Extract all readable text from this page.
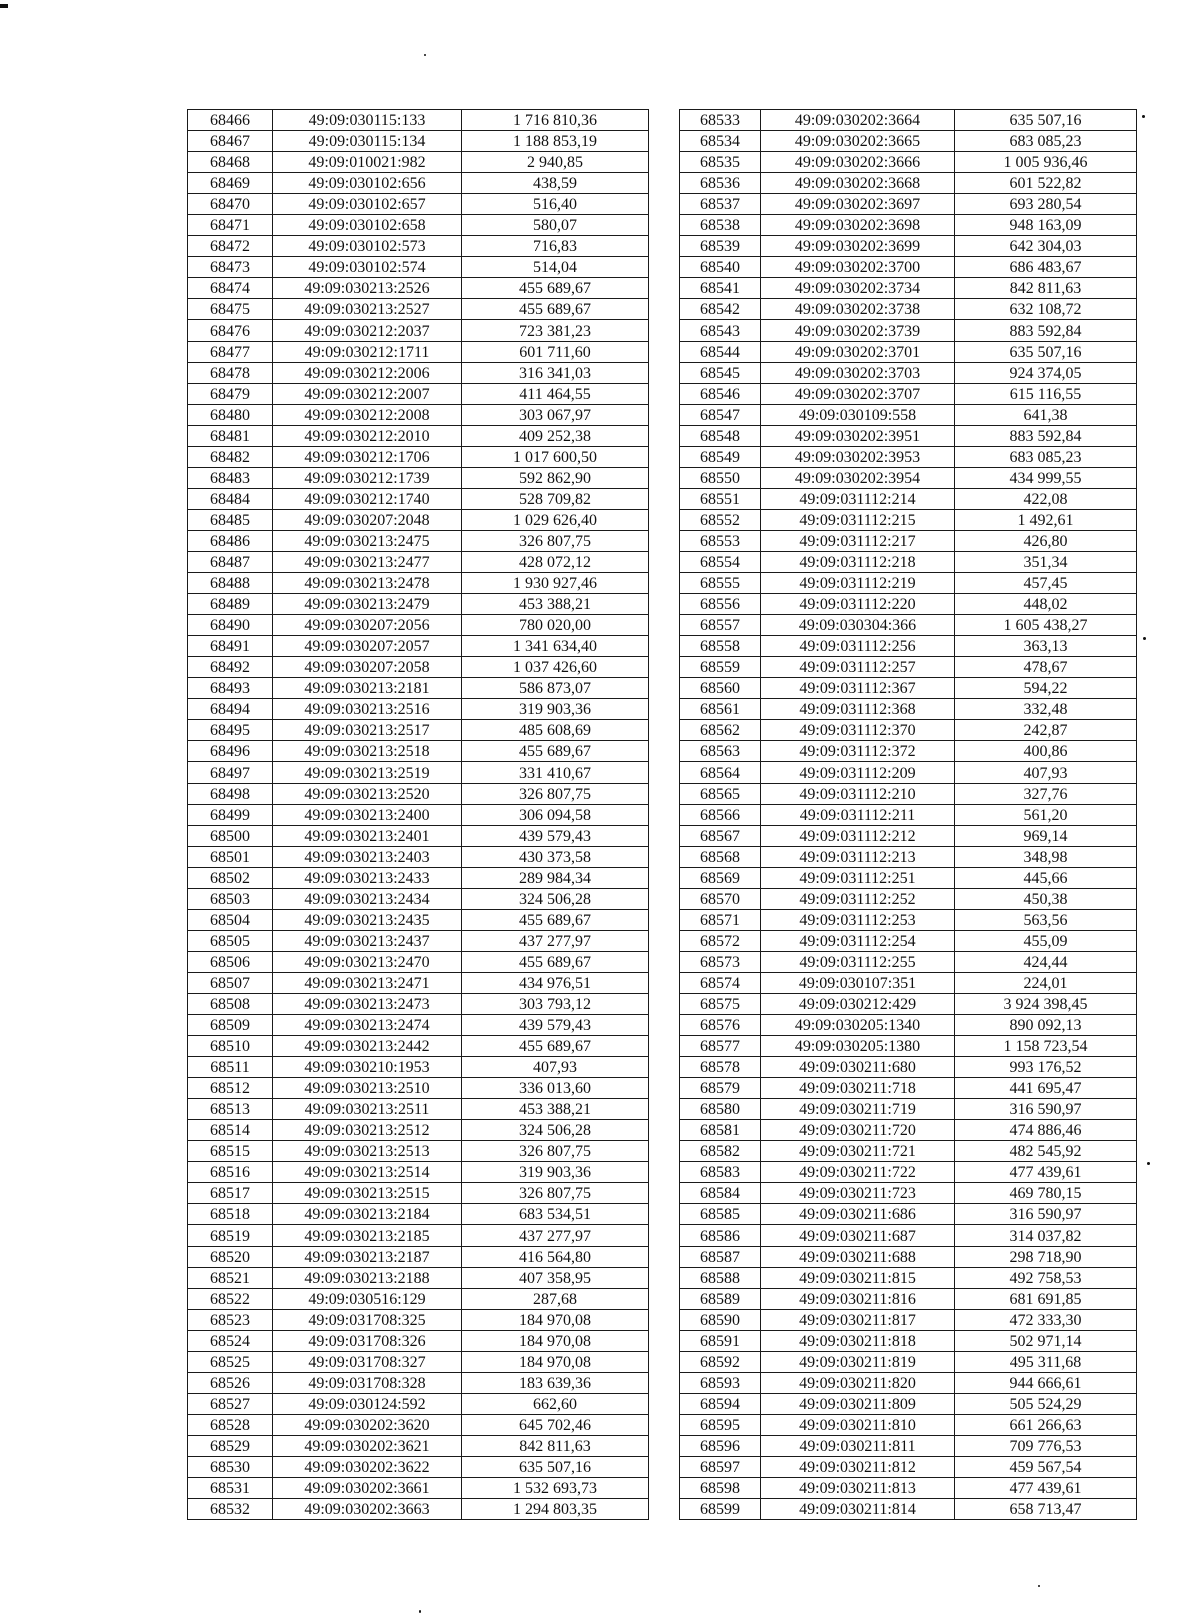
68466	49:09:030115:133	1 716 810,36
68467	49:09:030115:134	1 188 853,19
68468	49:09:010021:982	2 940,85
68469	49:09:030102:656	438,59
68470	49:09:030102:657	516,40
68471	49:09:030102:658	580,07
68472	49:09:030102:573	716,83
68473	49:09:030102:574	514,04
68474	49:09:030213:2526	455 689,67
68475	49:09:030213:2527	455 689,67
68476	49:09:030212:2037	723 381,23
68477	49:09:030212:1711	601 711,60
68478	49:09:030212:2006	316 341,03
68479	49:09:030212:2007	411 464,55
68480	49:09:030212:2008	303 067,97
68481	49:09:030212:2010	409 252,38
68482	49:09:030212:1706	1 017 600,50
68483	49:09:030212:1739	592 862,90
68484	49:09:030212:1740	528 709,82
68485	49:09:030207:2048	1 029 626,40
68486	49:09:030213:2475	326 807,75
68487	49:09:030213:2477	428 072,12
68488	49:09:030213:2478	1 930 927,46
68489	49:09:030213:2479	453 388,21
68490	49:09:030207:2056	780 020,00
68491	49:09:030207:2057	1 341 634,40
68492	49:09:030207:2058	1 037 426,60
68493	49:09:030213:2181	586 873,07
68494	49:09:030213:2516	319 903,36
68495	49:09:030213:2517	485 608,69
68496	49:09:030213:2518	455 689,67
68497	49:09:030213:2519	331 410,67
68498	49:09:030213:2520	326 807,75
68499	49:09:030213:2400	306 094,58
68500	49:09:030213:2401	439 579,43
68501	49:09:030213:2403	430 373,58
68502	49:09:030213:2433	289 984,34
68503	49:09:030213:2434	324 506,28
68504	49:09:030213:2435	455 689,67
68505	49:09:030213:2437	437 277,97
68506	49:09:030213:2470	455 689,67
68507	49:09:030213:2471	434 976,51
68508	49:09:030213:2473	303 793,12
68509	49:09:030213:2474	439 579,43
68510	49:09:030213:2442	455 689,67
68511	49:09:030210:1953	407,93
68512	49:09:030213:2510	336 013,60
68513	49:09:030213:2511	453 388,21
68514	49:09:030213:2512	324 506,28
68515	49:09:030213:2513	326 807,75
68516	49:09:030213:2514	319 903,36
68517	49:09:030213:2515	326 807,75
68518	49:09:030213:2184	683 534,51
68519	49:09:030213:2185	437 277,97
68520	49:09:030213:2187	416 564,80
68521	49:09:030213:2188	407 358,95
68522	49:09:030516:129	287,68
68523	49:09:031708:325	184 970,08
68524	49:09:031708:326	184 970,08
68525	49:09:031708:327	184 970,08
68526	49:09:031708:328	183 639,36
68527	49:09:030124:592	662,60
68528	49:09:030202:3620	645 702,46
68529	49:09:030202:3621	842 811,63
68530	49:09:030202:3622	635 507,16
68531	49:09:030202:3661	1 532 693,73
68532	49:09:030202:3663	1 294 803,35
68533	49:09:030202:3664	635 507,16
68534	49:09:030202:3665	683 085,23
68535	49:09:030202:3666	1 005 936,46
68536	49:09:030202:3668	601 522,82
68537	49:09:030202:3697	693 280,54
68538	49:09:030202:3698	948 163,09
68539	49:09:030202:3699	642 304,03
68540	49:09:030202:3700	686 483,67
68541	49:09:030202:3734	842 811,63
68542	49:09:030202:3738	632 108,72
68543	49:09:030202:3739	883 592,84
68544	49:09:030202:3701	635 507,16
68545	49:09:030202:3703	924 374,05
68546	49:09:030202:3707	615 116,55
68547	49:09:030109:558	641,38
68548	49:09:030202:3951	883 592,84
68549	49:09:030202:3953	683 085,23
68550	49:09:030202:3954	434 999,55
68551	49:09:031112:214	422,08
68552	49:09:031112:215	1 492,61
68553	49:09:031112:217	426,80
68554	49:09:031112:218	351,34
68555	49:09:031112:219	457,45
68556	49:09:031112:220	448,02
68557	49:09:030304:366	1 605 438,27
68558	49:09:031112:256	363,13
68559	49:09:031112:257	478,67
68560	49:09:031112:367	594,22
68561	49:09:031112:368	332,48
68562	49:09:031112:370	242,87
68563	49:09:031112:372	400,86
68564	49:09:031112:209	407,93
68565	49:09:031112:210	327,76
68566	49:09:031112:211	561,20
68567	49:09:031112:212	969,14
68568	49:09:031112:213	348,98
68569	49:09:031112:251	445,66
68570	49:09:031112:252	450,38
68571	49:09:031112:253	563,56
68572	49:09:031112:254	455,09
68573	49:09:031112:255	424,44
68574	49:09:030107:351	224,01
68575	49:09:030212:429	3 924 398,45
68576	49:09:030205:1340	890 092,13
68577	49:09:030205:1380	1 158 723,54
68578	49:09:030211:680	993 176,52
68579	49:09:030211:718	441 695,47
68580	49:09:030211:719	316 590,97
68581	49:09:030211:720	474 886,46
68582	49:09:030211:721	482 545,92
68583	49:09:030211:722	477 439,61
68584	49:09:030211:723	469 780,15
68585	49:09:030211:686	316 590,97
68586	49:09:030211:687	314 037,82
68587	49:09:030211:688	298 718,90
68588	49:09:030211:815	492 758,53
68589	49:09:030211:816	681 691,85
68590	49:09:030211:817	472 333,30
68591	49:09:030211:818	502 971,14
68592	49:09:030211:819	495 311,68
68593	49:09:030211:820	944 666,61
68594	49:09:030211:809	505 524,29
68595	49:09:030211:810	661 266,63
68596	49:09:030211:811	709 776,53
68597	49:09:030211:812	459 567,54
68598	49:09:030211:813	477 439,61
68599	49:09:030211:814	658 713,47
